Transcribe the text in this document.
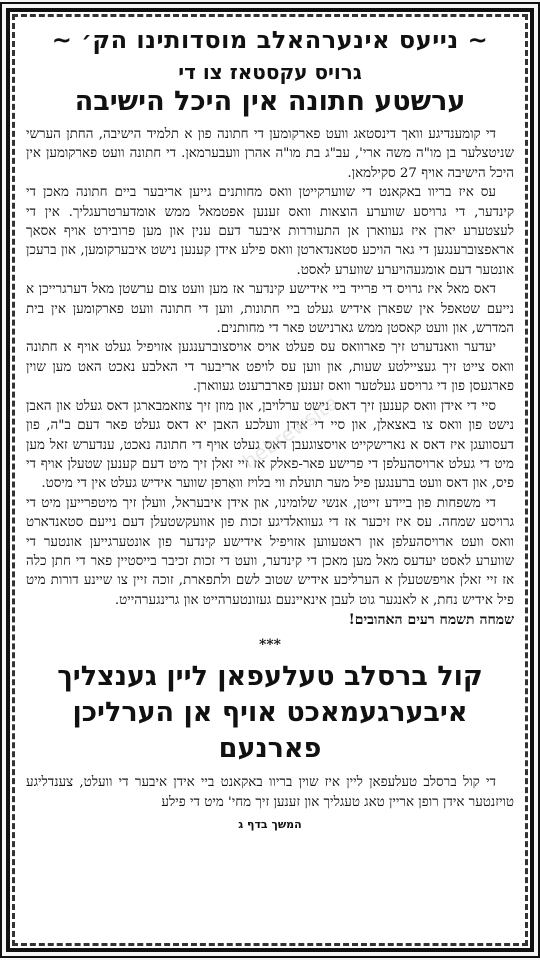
~ נייעס אינערהאלב מוסדותינו הק׳ ~
גרויס עקסטאז צו די
ערשטע חתונה אין היכל הישיבה

די קומענדיגע וואך דינסטאג וועט פארקומען די חתונה פון א תלמיד הישיבה, החתן הערשי שניטצלער בן מו"ה משה ארי', עב"ג בת מו"ה אהרן וועבערמאן. די חתונה וועט פארקומען אין היכל הישיבה אויף 27 סקילמאן.

עס איז בריוו באקאנט די שווערקייטן וואס מחותנים גייען אריבער ביים חתונה מאכן די קינדער, די גרויסע שווערע הוצאות וואס זענען אפטמאל ממש אומדערטרעגליך. אין די לעצטערע יארן איז געווארן אן התעוררות איבער דעם ענין און מען פרובירט אויף אסאך אראפצוברענגען די גאר הויכע סטאנדארטן וואס פילע אידן קענען נישט איבערקומען, און ברעכן אונטער דעם אומגעהויערע שווערע לאסט.

דאס מאל איז גרויס די פרייד ביי אידישע קינדער אז מען וועט צום ערשטן מאל דערגרייכן א נייעם שטאפל אין שפארן אידיש געלט ביי חתונות, ווען די חתונה וועט פארקומען אין בית המדרש, און וועט קאסטן ממש גארנישט פאר די מחותנים.

יעדער וואנדערט זיך פארוואס עס פעלט אויס אויסצוברענגען אזויפיל געלט אויף א חתונה וואס צייט זיך געציילטע שעות, און ווען עס לויפט אריבער די האלבע נאכט האט מען שוין פארגעסן פון די גרויסע געלטער וואס זענען פארברענט געווארן.

סיי די אידן וואס קענען זיך דאס נישט ערלויבן, און מוזן זיך צוזאמבארגן דאס געלט און האבן נישט פון וואס צו באצאלן, און סיי די אידן וועלכע האבן יא דאס געלט פאר דעם ב"ה, פון דעסוועגן איז דאס א נארישקייט אויסצוגעבן דאס געלט אויף די חתונה נאכט, ענדערש זאל מען מיט די געלט ארויסהעלפן די פרישע פאר-פאלק אז זיי זאלן זיך מיט דעם קענען שטעלן אויף די פיס, און דאס וועט ברענגען פיל מער תועלת ווי בלויז וואַרפן שווער אידיש געלט אין די מיסט.

די משפחות פון ביידע זייטן, אנשי שלומינו, און אידן איבעראל, וועלן זיך מיטפרייען מיט די גרויסע שמחה. עס איז זיכער אז די געוואלדיגע זכות פון אוועקשטעלן דעם נייעם סטאנדארט וואס וועט ארויסהעלפן און ראטעווען אזויפיל אידישע קינדער פון אונטערגייען אונטער די שווערע לאסט יעדעס מאל מען מאכן די קינדער, וועט די זכות זכיבר בייסטיין פאר די חתן כלה אז זיי זאלן אויפשטעלן א הערליכע אידיש שטוב לשם ולתפארת, זוכה זיין צו שיינע דורות מיט פיל אידיש נחת, א לאנגער גוט לעבן אינאיינעם געזונטערהייט און גרינגערהייט.

שמחה תשמח רעים האהובים!
***
קול ברסלב טעלעפאן ליין גענצליך
איבערגעמאכט אויף אן הערליכן פארנעם

די קול ברסלב טעלעפאן ליין איז שוין בריוו באקאנט ביי אידן איבער די וועלט, צענדליגע טויזנטער אידן רופן אריין טאג טעגליך און זענען זיך מחי' מיט די פילע

המשך בדף ג
hebrewsite
